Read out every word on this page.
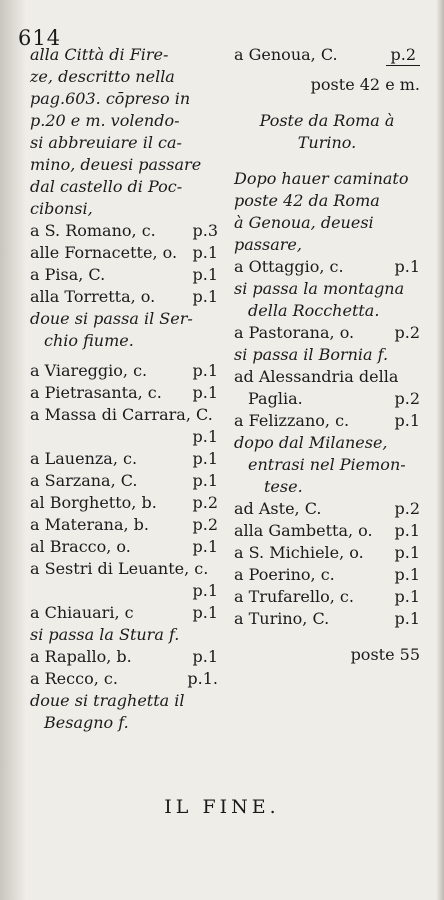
614
alla Città di Fire-
ze, descritto nella
pag.603. cōpreso in
p.20 e m. volendo-
si abbreuiare il ca-
mino, deuesi passare
dal castello di Poc-
cibonsi,
a S. Romano, c. p.3
alle Fornacette, o. p.1
a Pisa, C.	p.1
alla Torretta, o. p.1
doue si passa il Ser-
chio fiume.
a Viareggio, c.	p.1
a Pietrasanta, c. p.1
a Massa di Carrara, C.
p.1
a Lauenza, c.	p.1
a Sarzana, C.	p.1
al Borghetto, b. p.2
a Materana, b.	p.2
al Bracco, o.	p.1
a Sestri di Leuante, c.
p.1
a Chiauari, c	p.1
si passa la Stura f.
a Rapallo, b.	p.1
a Recco, c.	p.1.
doue si traghetta il
Besagno f.
a Genoua, C.	p.2
poste 42 e m.
Poste da Roma à
Turino.
Dopo hauer caminato
poste 42 da Roma
à Genoua, deuesi
passare,
a Ottaggio, c.	p.1
si passa la montagna
della Rocchetta.
a Pastorana, o.	p.2
si passa il Bornia f.
ad Alessandria della
Paglia.	p.2
a Felizzano, c.	p.1
dopo dal Milanese,
entrasi nel Piemon-
tese.
ad Aste, C.	p.2
alla Gambetta, o. p.1
a S. Michiele, o. p.1
a Poerino, c.	p.1
a Trufarello, c.	p.1
a Turino, C.	p.1
poste 55
IL FINE.
